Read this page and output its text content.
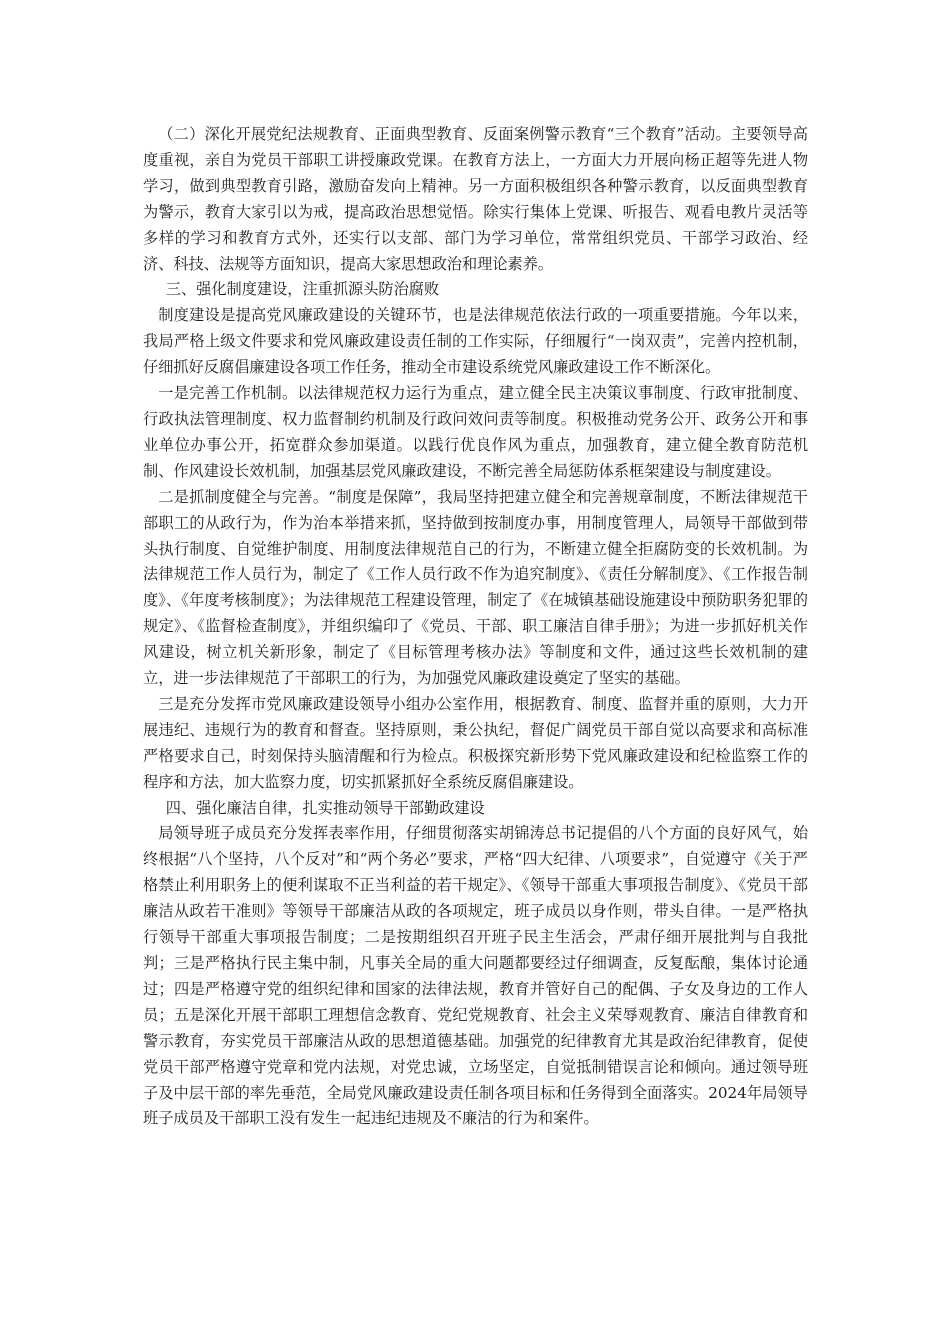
（二）深化开展党纪法规教育、正面典型教育、反面案例警示教育“三个教育”活动。主要领导高度重视，亲自为党员干部职工讲授廉政党课。在教育方法上，一方面大力开展向杨正超等先进人物学习，做到典型教育引路，激励奋发向上精神。另一方面积极组织各种警示教育，以反面典型教育为警示，教育大家引以为戒，提高政治思想觉悟。除实行集体上党课、听报告、观看电教片灵活等多样的学习和教育方式外，还实行以支部、部门为学习单位，常常组织党员、干部学习政治、经济、科技、法规等方面知识，提高大家思想政治和理论素养。

三、强化制度建设，注重抓源头防治腐败

制度建设是提高党风廉政建设的关键环节，也是法律规范依法行政的一项重要措施。今年以来，我局严格上级文件要求和党风廉政建设责任制的工作实际，仔细履行“一岗双责”，完善内控机制，仔细抓好反腐倡廉建设各项工作任务，推动全市建设系统党风廉政建设工作不断深化。

一是完善工作机制。以法律规范权力运行为重点，建立健全民主决策议事制度、行政审批制度、行政执法管理制度、权力监督制约机制及行政问效问责等制度。积极推动党务公开、政务公开和事业单位办事公开，拓宽群众参加渠道。以践行优良作风为重点，加强教育，建立健全教育防范机制、作风建设长效机制，加强基层党风廉政建设，不断完善全局惩防体系框架建设与制度建设。

二是抓制度健全与完善。“制度是保障”，我局坚持把建立健全和完善规章制度，不断法律规范干部职工的从政行为，作为治本举措来抓，坚持做到按制度办事，用制度管理人，局领导干部做到带头执行制度、自觉维护制度、用制度法律规范自己的行为，不断建立健全拒腐防变的长效机制。为法律规范工作人员行为，制定了《工作人员行政不作为追究制度》、《责任分解制度》、《工作报告制度》、《年度考核制度》；为法律规范工程建设管理，制定了《在城镇基础设施建设中预防职务犯罪的规定》、《监督检查制度》，并组织编印了《党员、干部、职工廉洁自律手册》；为进一步抓好机关作风建设，树立机关新形象，制定了《目标管理考核办法》等制度和文件，通过这些长效机制的建立，进一步法律规范了干部职工的行为，为加强党风廉政建设奠定了坚实的基础。

三是充分发挥市党风廉政建设领导小组办公室作用，根据教育、制度、监督并重的原则，大力开展违纪、违规行为的教育和督查。坚持原则，秉公执纪，督促广阔党员干部自觉以高要求和高标准严格要求自己，时刻保持头脑清醒和行为检点。积极探究新形势下党风廉政建设和纪检监察工作的程序和方法，加大监察力度，切实抓紧抓好全系统反腐倡廉建设。

四、强化廉洁自律，扎实推动领导干部勤政建设

局领导班子成员充分发挥表率作用，仔细贯彻落实胡锦涛总书记提倡的八个方面的良好风气，始终根据“八个坚持，八个反对”和“两个务必”要求，严格“四大纪律、八项要求”，自觉遵守《关于严格禁止利用职务上的便利谋取不正当利益的若干规定》、《领导干部重大事项报告制度》、《党员干部廉洁从政若干准则》等领导干部廉洁从政的各项规定，班子成员以身作则，带头自律。一是严格执行领导干部重大事项报告制度；二是按期组织召开班子民主生活会，严肃仔细开展批判与自我批判；三是严格执行民主集中制，凡事关全局的重大问题都要经过仔细调查，反复酝酿，集体讨论通过；四是严格遵守党的组织纪律和国家的法律法规，教育并管好自己的配偶、子女及身边的工作人员；五是深化开展干部职工理想信念教育、党纪党规教育、社会主义荣辱观教育、廉洁自律教育和警示教育，夯实党员干部廉洁从政的思想道德基础。加强党的纪律教育尤其是政治纪律教育，促使党员干部严格遵守党章和党内法规，对党忠诚，立场坚定，自觉抵制错误言论和倾向。通过领导班子及中层干部的率先垂范，全局党风廉政建设责任制各项目标和任务得到全面落实。2024年局领导班子成员及干部职工没有发生一起违纪违规及不廉洁的行为和案件。
